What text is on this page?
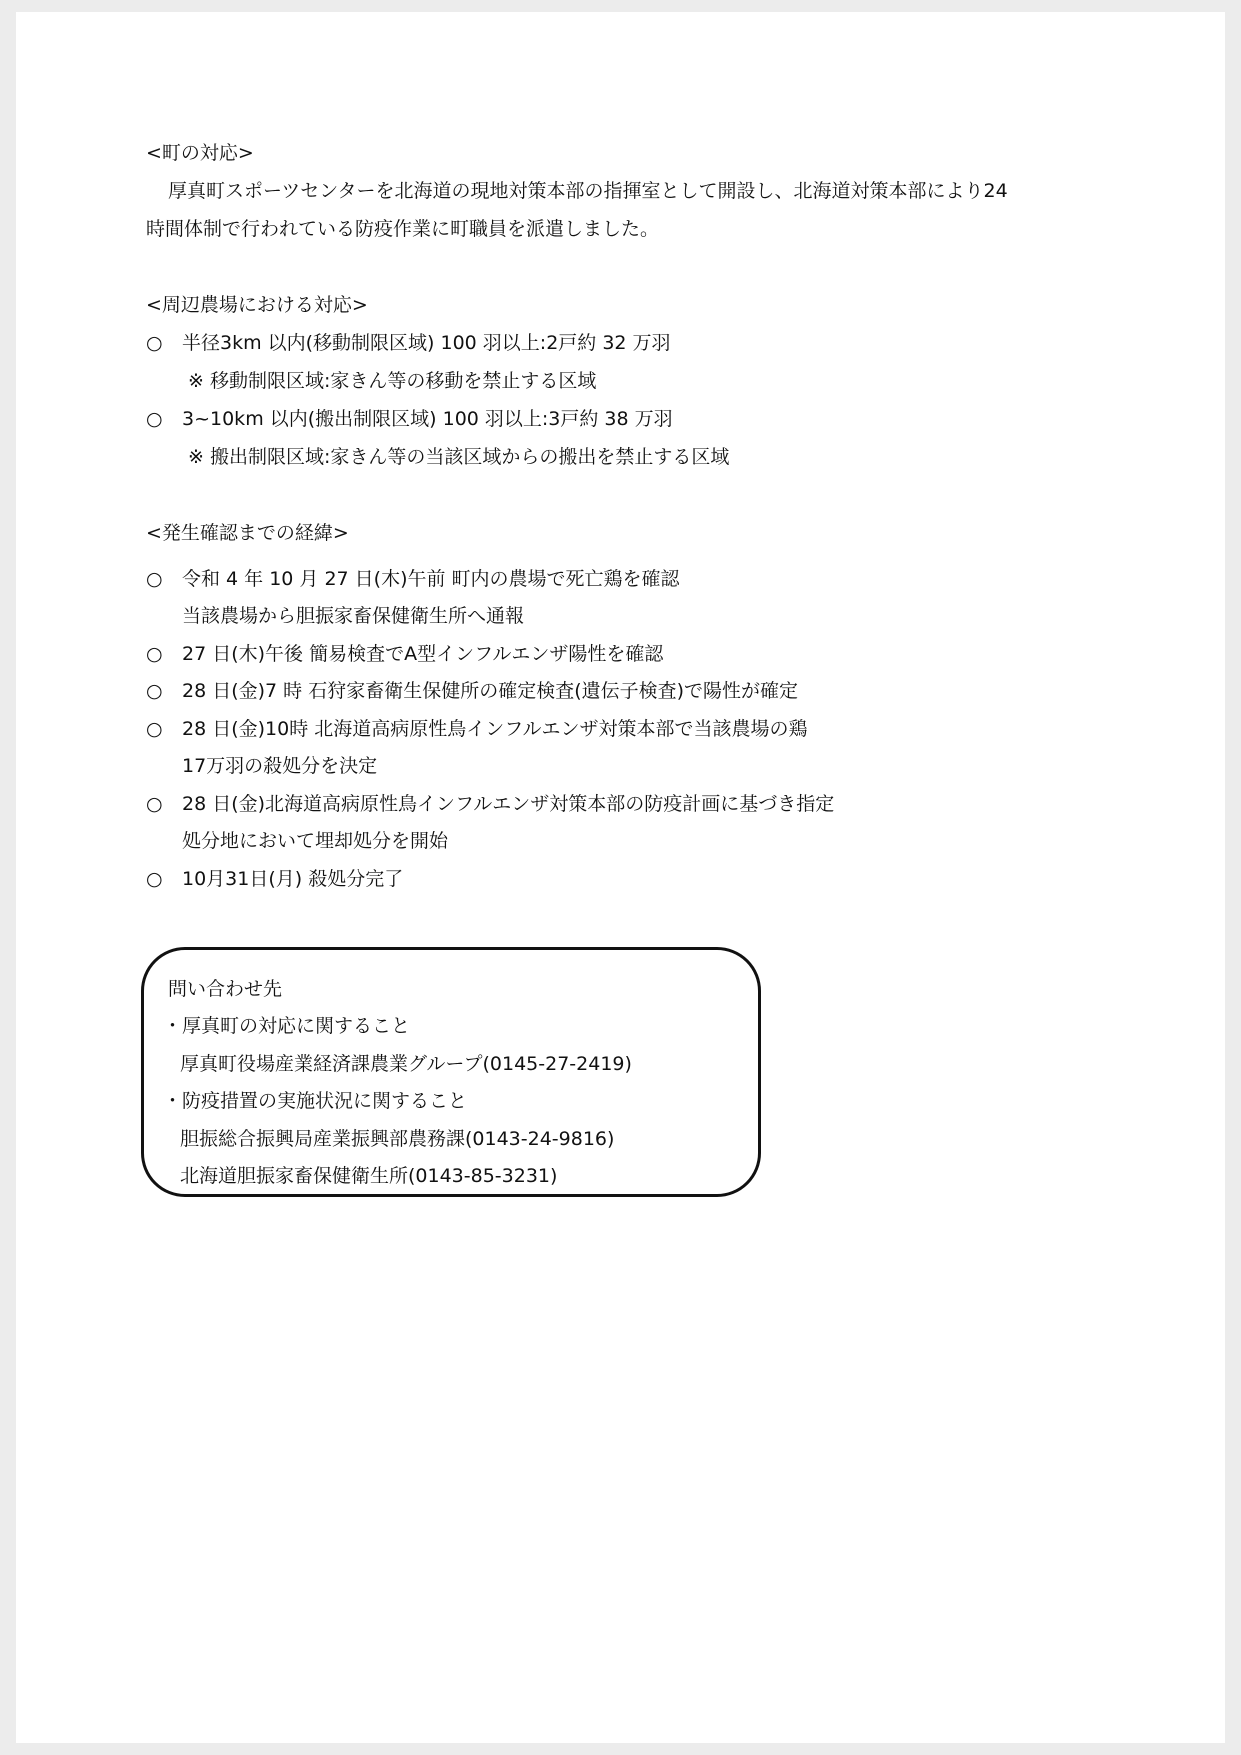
<町の対応>
厚真町スポーツセンターを北海道の現地対策本部の指揮室として開設し、北海道対策本部により24
時間体制で行われている防疫作業に町職員を派遣しました。
<周辺農場における対応>
○ 半径3km 以内(移動制限区域) 100 羽以上:2戸約 32 万羽
※ 移動制限区域:家きん等の移動を禁止する区域
○ 3~10km 以内(搬出制限区域) 100 羽以上:3戸約 38 万羽
※ 搬出制限区域:家きん等の当該区域からの搬出を禁止する区域
<発生確認までの経緯>
○ 令和 4 年 10 月 27 日(木)午前 町内の農場で死亡鶏を確認
当該農場から胆振家畜保健衛生所へ通報
○ 27 日(木)午後 簡易検査でA型インフルエンザ陽性を確認
○ 28 日(金)7 時 石狩家畜衛生保健所の確定検査(遺伝子検査)で陽性が確定
○ 28 日(金)10時 北海道高病原性鳥インフルエンザ対策本部で当該農場の鶏
17万羽の殺処分を決定
○ 28 日(金)北海道高病原性鳥インフルエンザ対策本部の防疫計画に基づき指定
処分地において埋却処分を開始
○ 10月31日(月) 殺処分完了
問い合わせ先
・厚真町の対応に関すること
厚真町役場産業経済課農業グループ(0145-27-2419)
・防疫措置の実施状況に関すること
胆振総合振興局産業振興部農務課(0143-24-9816)
北海道胆振家畜保健衛生所(0143-85-3231)
